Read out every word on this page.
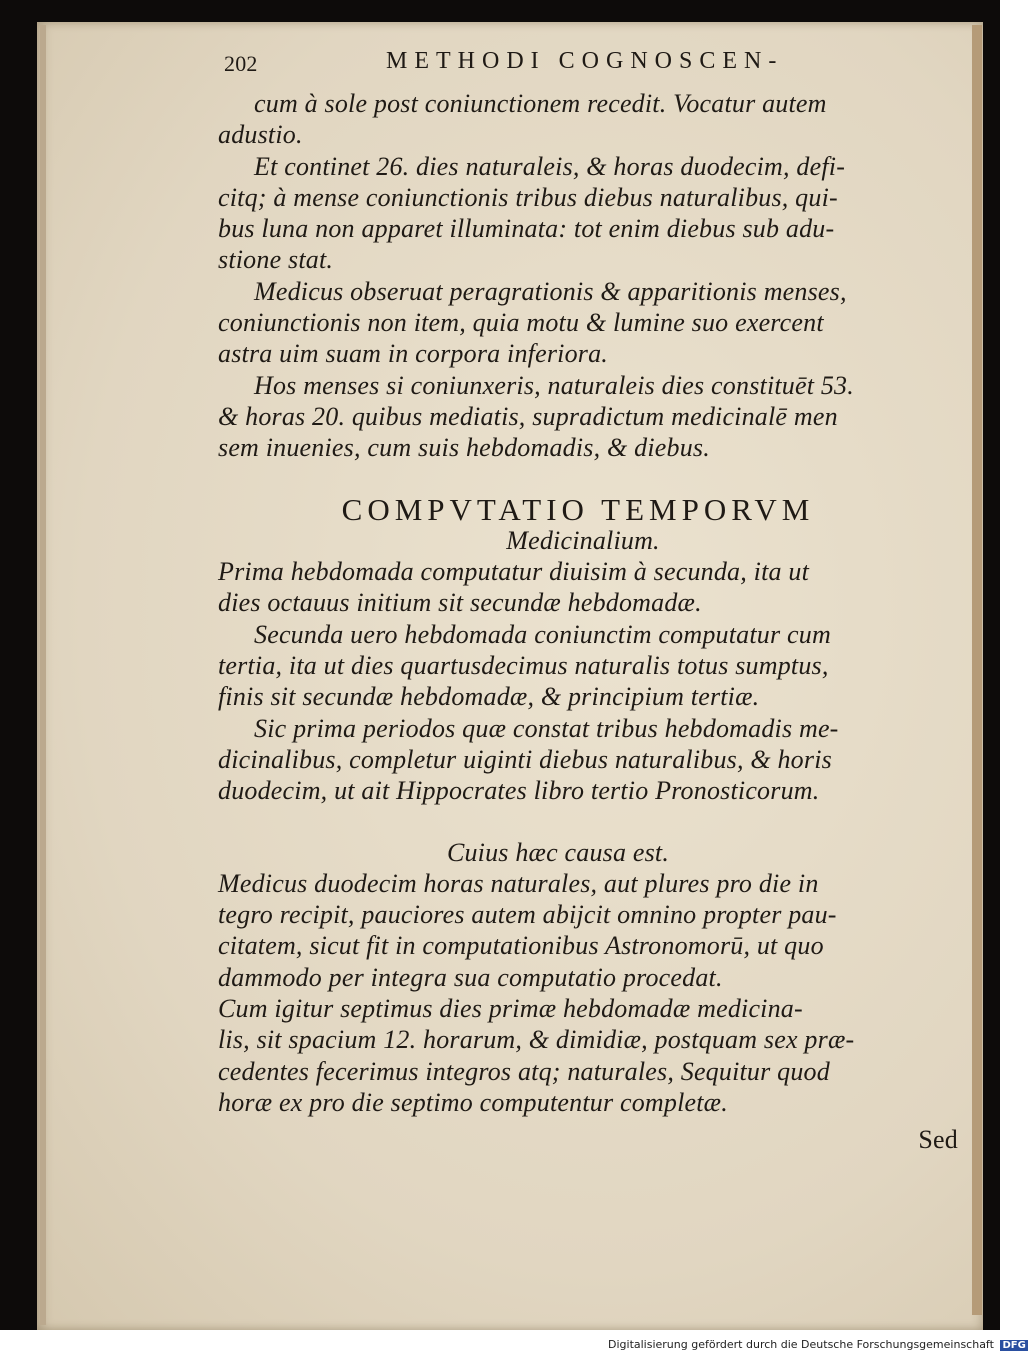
202	METHODI COGNOSCEN-
cum à sole post coniunctionem recedit. Vocatur autem
adustio.
Et continet 26. dies naturaleis, & horas duodecim, defi-
citq; à mense coniunctionis tribus diebus naturalibus, qui-
bus luna non apparet illuminata: tot enim diebus sub adu-
stione stat.
Medicus obseruat peragrationis & apparitionis menses,
coniunctionis non item, quia motu & lumine suo exercent
astra uim suam in corpora inferiora.
Hos menses si coniunxeris, naturaleis dies constituēt 53.
& horas 20. quibus mediatis, supradictum medicinalē men
sem inuenies, cum suis hebdomadis, & diebus.
COMPVTATIO TEMPORVM
Medicinalium.
Prima hebdomada computatur diuisim à secunda, ita ut
dies octauus initium sit secundæ hebdomadæ.
Secunda uero hebdomada coniunctim computatur cum
tertia, ita ut dies quartusdecimus naturalis totus sumptus,
finis sit secundæ hebdomadæ, & principium tertiæ.
Sic prima periodos quæ constat tribus hebdomadis me-
dicinalibus, completur uiginti diebus naturalibus, & horis
duodecim, ut ait Hippocrates libro tertio Pronosticorum.
Cuius hæc causa est.
Medicus duodecim horas naturales, aut plures pro die in
tegro recipit, pauciores autem abijcit omnino propter pau-
citatem, sicut fit in computationibus Astronomorū, ut quo
dammodo per integra sua computatio procedat.
Cum igitur septimus dies primæ hebdomadæ medicina-
lis, sit spacium 12. horarum, & dimidiæ, postquam sex præ-
cedentes fecerimus integros atq; naturales, Sequitur quod
horæ ex pro die septimo computentur completæ.
Sed
Digitalisierung gefördert durch die Deutsche Forschungsgemeinschaft DFG
